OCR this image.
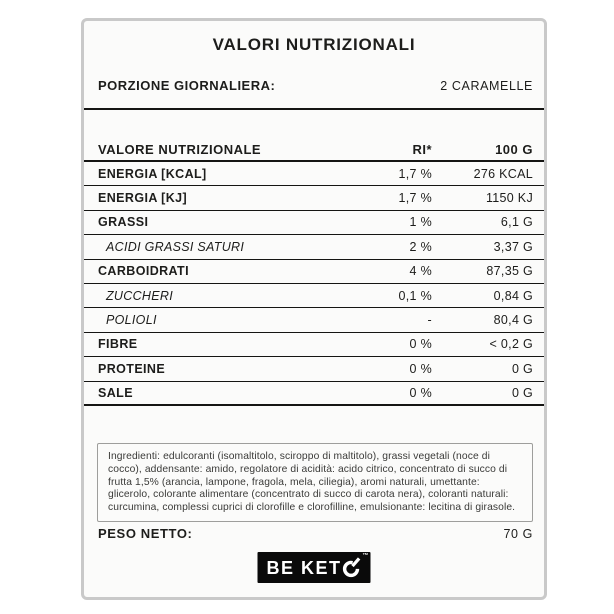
VALORI NUTRIZIONALI
PORZIONE GIORNALIERA:	2 CARAMELLE
VALORE NUTRIZIONALE	RI*	100 G
ENERGIA [KCAL]	1,7 %	276 KCAL
ENERGIA [KJ]	1,7 %	1150 KJ
GRASSI	1 %	6,1 G
ACIDI GRASSI SATURI	2 %	3,37 G
CARBOIDRATI	4 %	87,35 G
ZUCCHERI	0,1 %	0,84 G
POLIOLI	-	80,4 G
FIBRE	0 %	< 0,2 G
PROTEINE	0 %	0 G
SALE	0 %	0 G
Ingredienti: edulcoranti (isomaltitolo, sciroppo di maltitolo), grassi vegetali (noce di cocco), addensante: amido, regolatore di acidità: acido citrico, concentrato di succo di frutta 1,5% (arancia, lampone, fragola, mela, ciliegia), aromi naturali, umettante: glicerolo, colorante alimentare (concentrato di succo di carota nera), coloranti naturali: curcumina, complessi cuprici di clorofille e clorofilline, emulsionante: lecitina di girasole.
PESO NETTO:	70 G
BE KET
™
